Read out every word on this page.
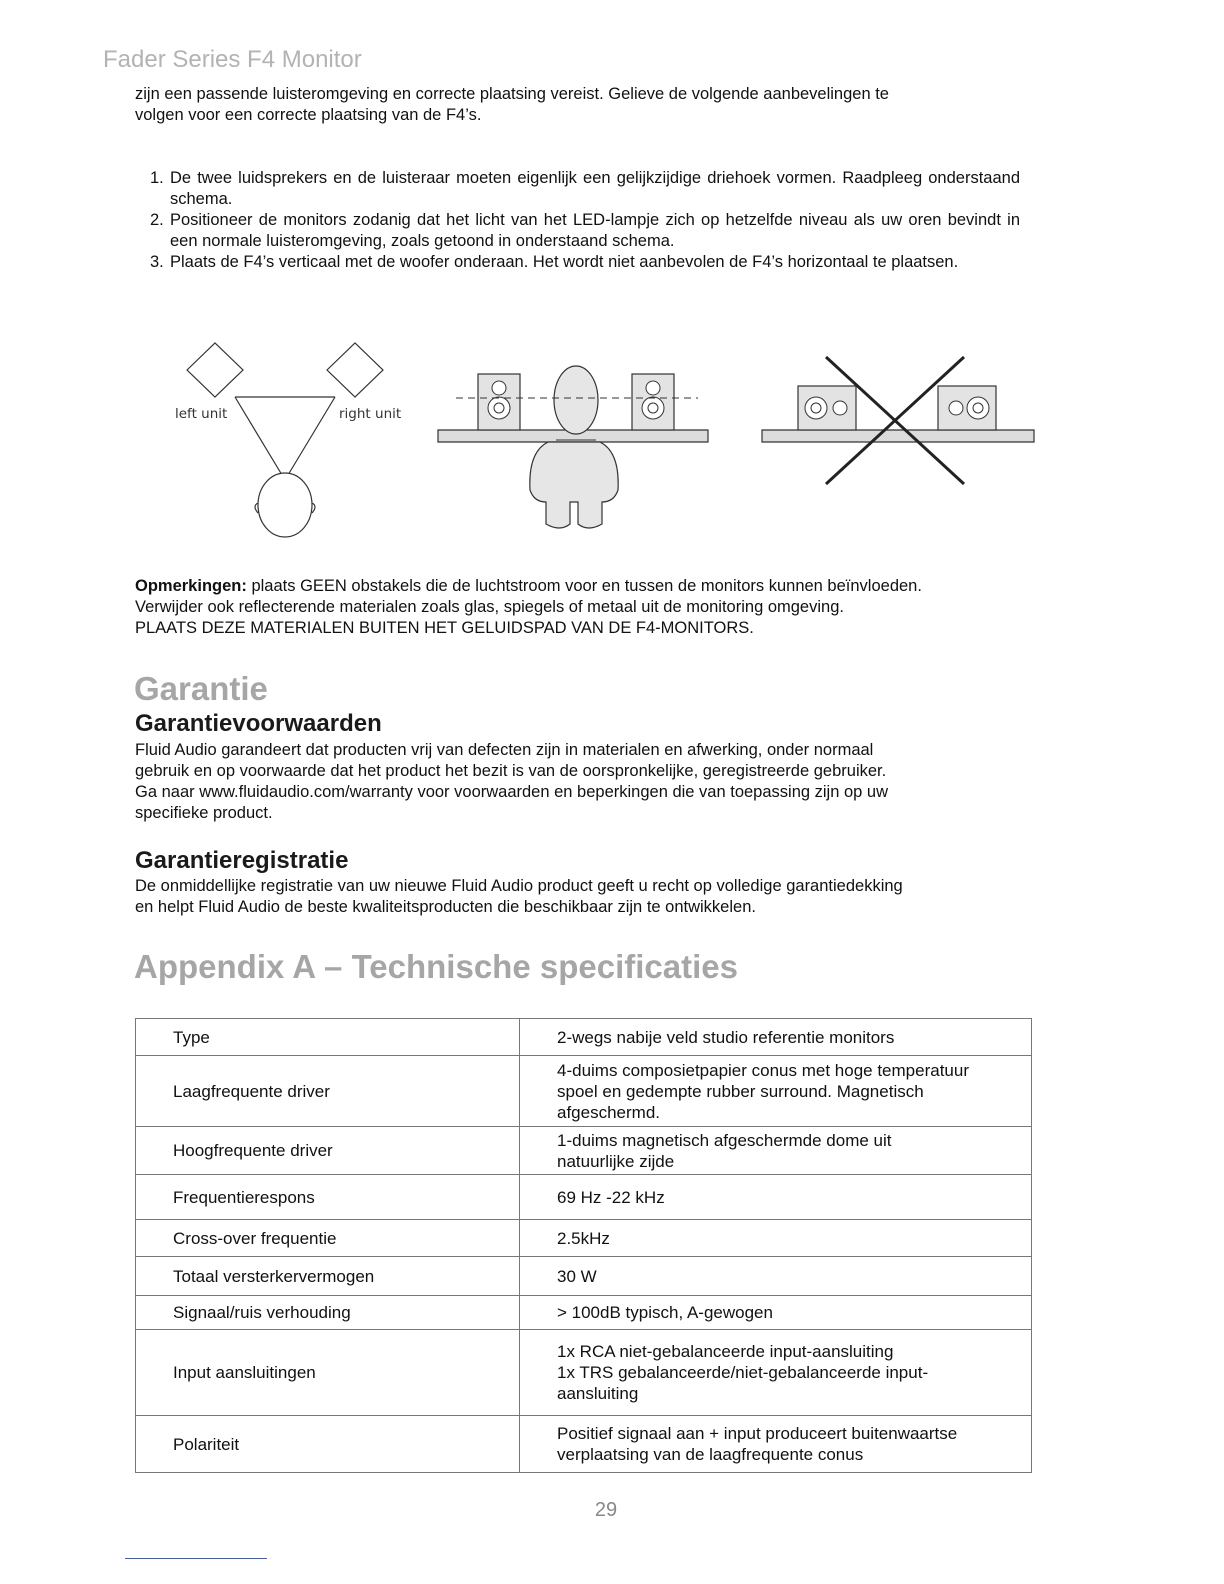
Fader Series F4 Monitor

zijn een passende luisteromgeving en correcte plaatsing vereist. Gelieve de volgende aanbevelingen te
volgen voor een correcte plaatsing van de F4’s.

1. De twee luidsprekers en de luisteraar moeten eigenlijk een gelijkzijdige driehoek vormen. Raadpleeg onderstaand schema.
2. Positioneer de monitors zodanig dat het licht van het LED-lampje zich op hetzelfde niveau als uw oren bevindt in een normale luisteromgeving, zoals getoond in onderstaand schema.
3. Plaats de F4’s verticaal met de woofer onderaan. Het wordt niet aanbevolen de F4’s horizontaal te plaatsen.
left unit	right unit

Opmerkingen: plaats GEEN obstakels die de luchtstroom voor en tussen de monitors kunnen beïnvloeden.
Verwijder ook reflecterende materialen zoals glas, spiegels of metaal uit de monitoring omgeving.
PLAATS DEZE MATERIALEN BUITEN HET GELUIDSPAD VAN DE F4-MONITORS.

Garantie
Garantievoorwaarden

Fluid Audio garandeert dat producten vrij van defecten zijn in materialen en afwerking, onder normaal
gebruik en op voorwaarde dat het product het bezit is van de oorspronkelijke, geregistreerde gebruiker.
Ga naar www.fluidaudio.com/warranty voor voorwaarden en beperkingen die van toepassing zijn op uw
specifieke product.

Garantieregistratie

De onmiddellijke registratie van uw nieuwe Fluid Audio product geeft u recht op volledige garantiedekking
en helpt Fluid Audio de beste kwaliteitsproducten die beschikbaar zijn te ontwikkelen.

Appendix A – Technische specificaties
Type	2-wegs nabije veld studio referentie monitors
Laagfrequente driver	4-duims composietpapier conus met hoge temperatuur
spoel en gedempte rubber surround. Magnetisch
afgeschermd.
Hoogfrequente driver	1-duims magnetisch afgeschermde dome uit
natuurlijke zijde
Frequentierespons	69 Hz -22 kHz
Cross-over frequentie	2.5kHz
Totaal versterkervermogen	30 W
Signaal/ruis verhouding	> 100dB typisch, A-gewogen
Input aansluitingen	1x RCA niet-gebalanceerde input-aansluiting
1x TRS gebalanceerde/niet-gebalanceerde input-
aansluiting
Polariteit	Positief signaal aan + input produceert buitenwaartse
verplaatsing van de laagfrequente conus
29
